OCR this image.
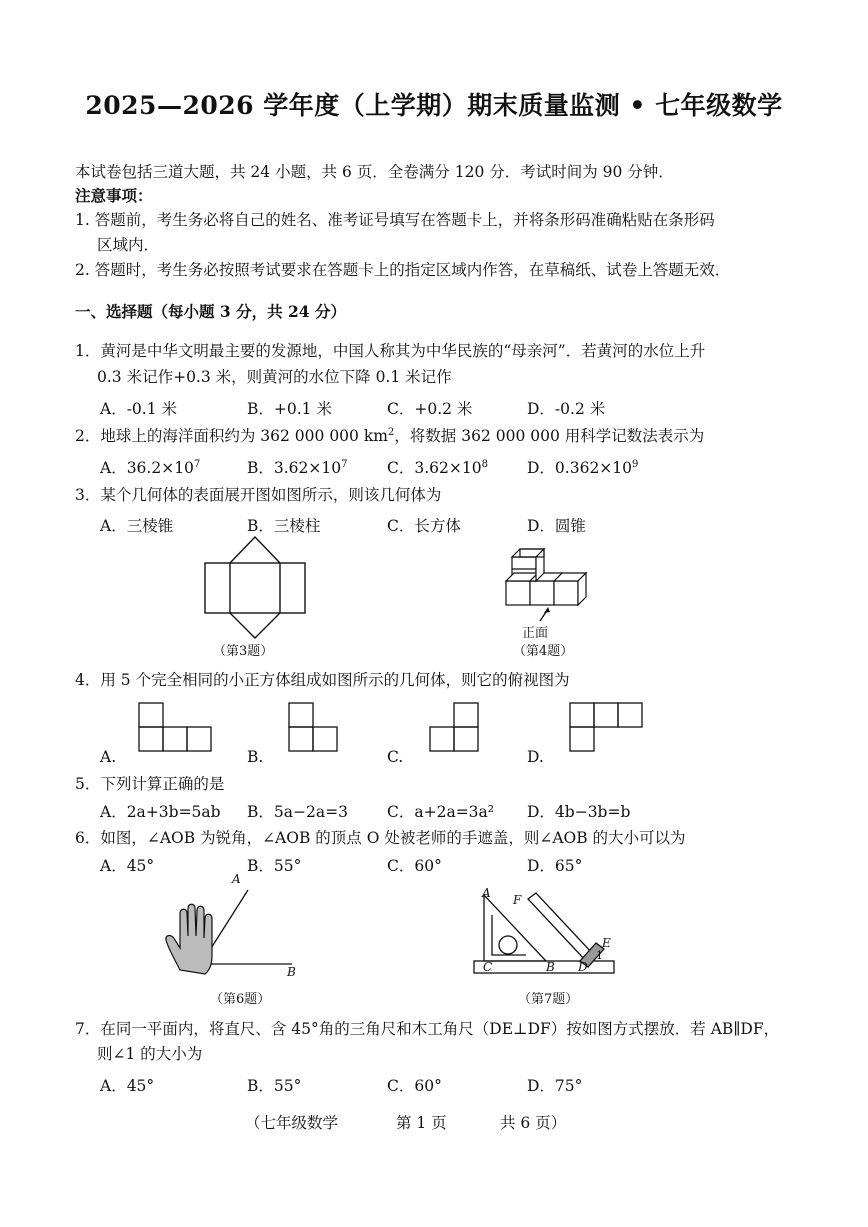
2025—2026 学年度（上学期）期末质量监测 • 七年级数学
本试卷包括三道大题，共 24 小题，共 6 页．全卷满分 120 分．考试时间为 90 分钟．
注意事项：
1. 答题前，考生务必将自己的姓名、准考证号填写在答题卡上，并将条形码准确粘贴在条形码
区域内．
2. 答题时，考生务必按照考试要求在答题卡上的指定区域内作答，在草稿纸、试卷上答题无效．
一、选择题（每小题 3 分，共 24 分）
1．黄河是中华文明最主要的发源地，中国人称其为中华民族的“母亲河”．若黄河的水位上升
0.3 米记作+0.3 米，则黄河的水位下降 0.1 米记作
A．-0.1 米	B．+0.1 米	C．+0.2 米	D．-0.2 米
2．地球上的海洋面积约为 362 000 000 $km^2$，将数据 362 000 000 用科学记数法表示为
A．$36.2\times 10^7$	B．$3.62\times 10^7$	C．$3.62\times 10^8$	D．$0.362\times 10^9$
3．某个几何体的表面展开图如图所示，则该几何体为
A．三棱锥	B．三棱柱	C．长方体	D．圆锥
（第3题）
正面
（第4题）
4．用 5 个完全相同的小正方体组成如图所示的几何体，则它的俯视图为
A.	B.	C.	D.
5．下列计算正确的是
A．2a+3b=5ab B．5a−2a=3	C．a+2a=3a² D．4b−3b=b
6．如图，∠AOB 为锐角，∠AOB 的顶点 O 处被老师的手遮盖，则∠AOB 的大小可以为
A．45°	B．55°	C．60°	D．65°
A
B
（第6题）
A F
E
1
C	B D
（第7题）
7．在同一平面内，将直尺、含 45°角的三角尺和木工角尺（DE⊥DF）按如图方式摆放．若 AB∥DF，
则∠1 的大小为
A．45°	B．55°	C．60°	D．75°
（七年级数学	第 1 页	共 6 页）
